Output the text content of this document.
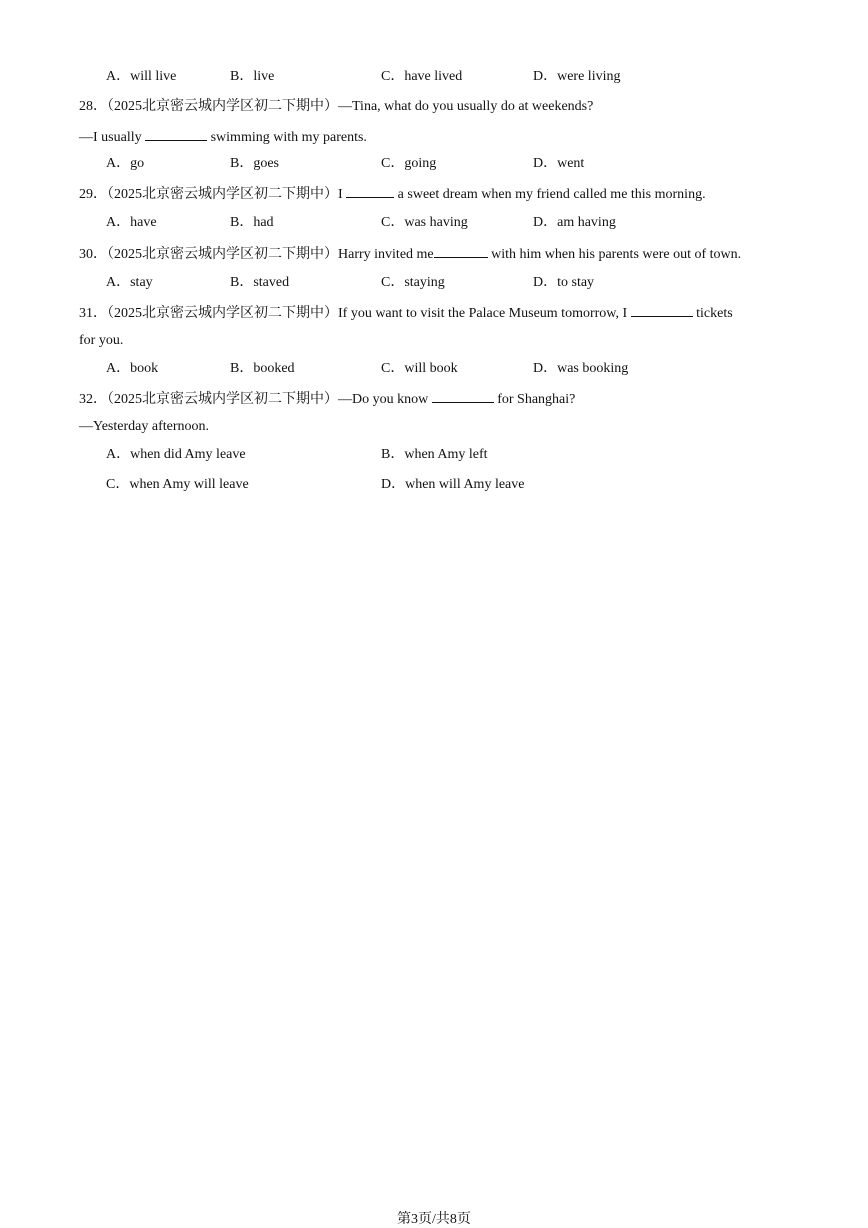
A．will live	B．live	C．have lived	D．were living
28．（2025北京密云城内学区初二下期中）—Tina, what do you usually do at weekends?
—I usually	swimming with my parents.
A．go	B．goes	C．going	D．went
29．（2025北京密云城内学区初二下期中）I	a sweet dream when my friend called me this morning.
A．have	B．had	C．was having	D．am having
30．（2025北京密云城内学区初二下期中）Harry invited me	with him when his parents were out of town.
A．stay	B．staved	C．staying	D．to stay
31．（2025北京密云城内学区初二下期中）If you want to visit the Palace Museum tomorrow, I	tickets
for you.
A．book	B．booked	C．will book	D．was booking
32．（2025北京密云城内学区初二下期中）—Do you know	for Shanghai?
—Yesterday afternoon.
A．when did Amy leave	B．when Amy left
C．when Amy will leave	D．when will Amy leave
第3页/共8页
